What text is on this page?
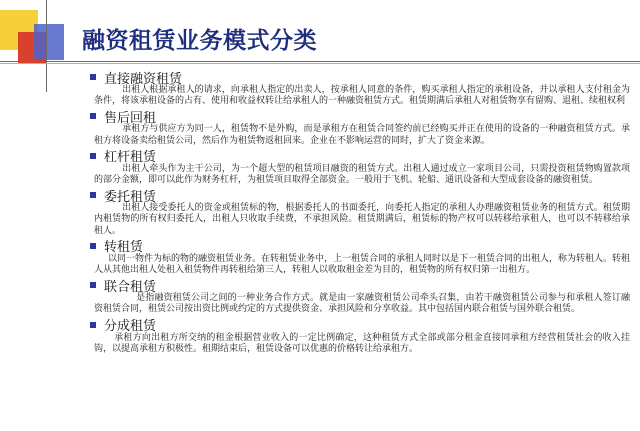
融资租赁业务模式分类
直接融资租赁

出租人根据承租人的请求，向承租人指定的出卖人，按承租人同意的条件，购买承租人指定的承租设备，并以承租人支付租金为条件，将该承租设备的占有、使用和收益权转让给承租人的一种融资租赁方式。租赁期满后承租人对租赁物享有留购、退租、续租权利

售后回租

承租方与供应方为同一人，租赁物不是外购，而是承租方在租赁合同签约前已经购买并正在使用的设备的一种融资租赁方式。承租方将设备卖给租赁公司，然后作为租赁物返租回来。企业在不影响运营的同时，扩大了资金来源。

杠杆租赁

出租人牵头作为主干公司，为一个超大型的租赁项目融资的租赁方式。出租人通过成立一家项目公司，只需投资租赁物购置款项的部分金额，即可以此作为财务杠杆，为租赁项目取得全部资金。一般用于飞机、轮船、通讯设备和大型成套设备的融资租赁。

委托租赁

出租人接受委托人的资金或租赁标的物，根据委托人的书面委托，向委托人指定的承租人办理融资租赁业务的租赁方式。租赁期内租赁物的所有权归委托人，出租人只收取手续费，不承担风险。租赁期满后，租赁标的物产权可以转移给承租人，也可以不转移给承租人。

转租赁

以同一物件为标的物的融资租赁业务。在转租赁业务中，上一租赁合同的承租人同时以是下一租赁合同的出租人，称为转租人。转租人从其他出租人处租入租赁物件再转租给第三人，转租人以收取租金差为目的，租赁物的所有权归第一出租方。

联合租赁

是指融资租赁公司之间的一种业务合作方式。就是由一家融资租赁公司牵头召集，由若干融资租赁公司参与和承租人签订融资租赁合同，租赁公司按出资比例或约定的方式提供资金、承担风险和分享收益。其中包括国内联合租赁与国外联合租赁。

分成租赁

承租方向出租方所交纳的租金根据营业收入的一定比例确定，这种租赁方式全部或部分租金直接同承租方经营租赁社会的收入挂钩，以提高承租方积极性。租期结束后，租赁设备可以优惠的价格转让给承租方。
